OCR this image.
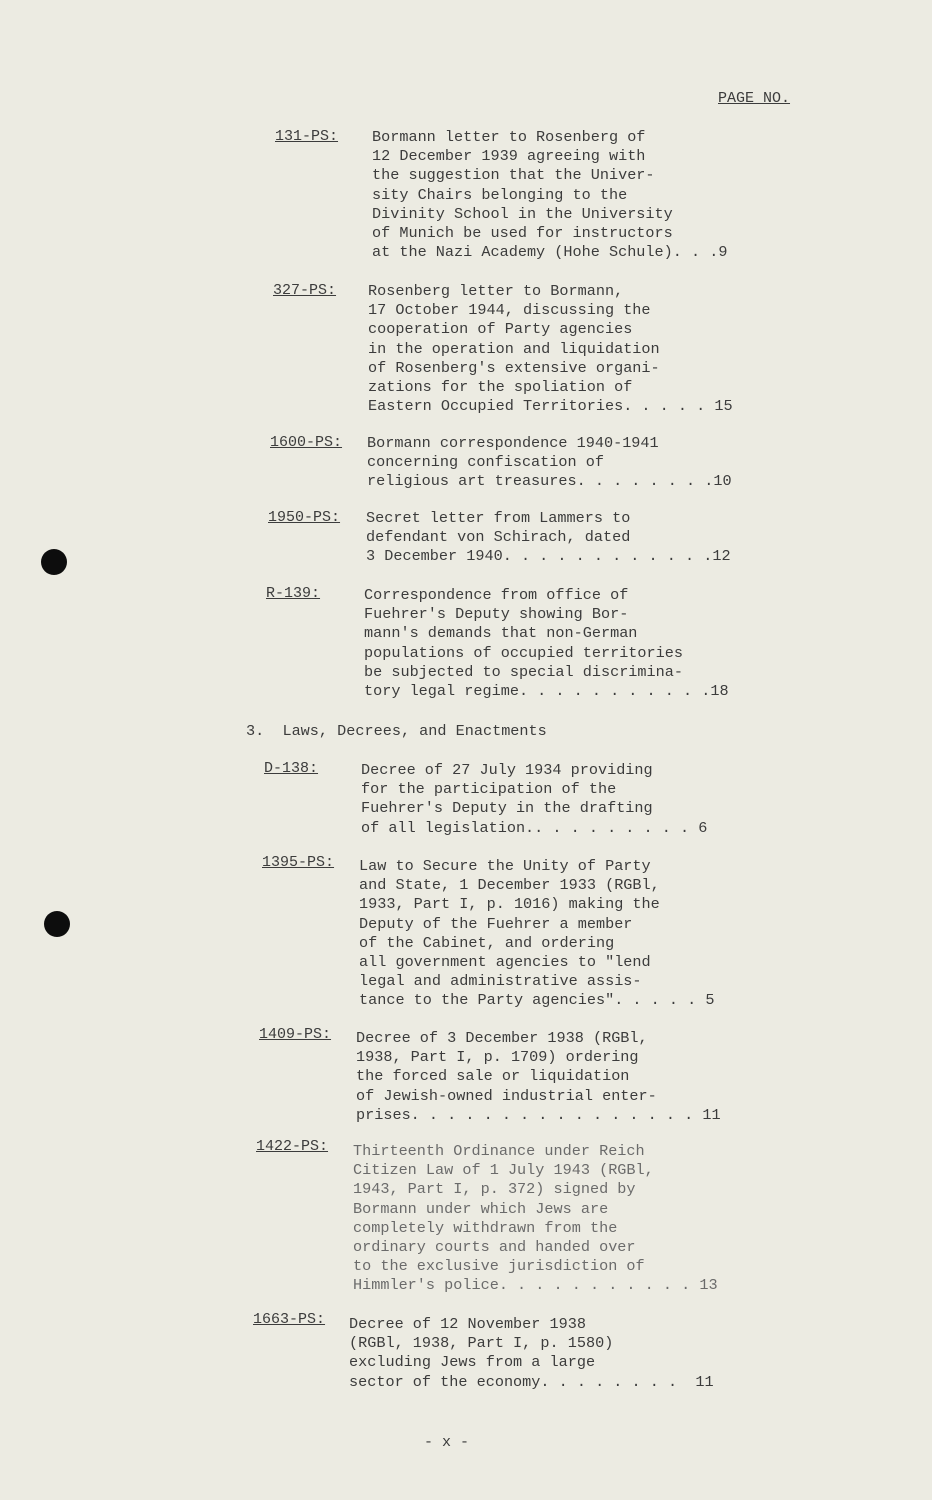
PAGE NO.
131-PS: Bormann letter to Rosenberg of
12 December 1939 agreeing with
the suggestion that the Univer-
sity Chairs belonging to the
Divinity School in the University
of Munich be used for instructors
at the Nazi Academy (Hohe Schule). . .9
327-PS: Rosenberg letter to Bormann,
17 October 1944, discussing the
cooperation of Party agencies
in the operation and liquidation
of Rosenberg's extensive organi-
zations for the spoliation of
Eastern Occupied Territories. . . . . 15
1600-PS: Bormann correspondence 1940-1941
concerning confiscation of
religious art treasures. . . . . . . .10
1950-PS: Secret letter from Lammers to
defendant von Schirach, dated
3 December 1940. . . . . . . . . . . .12
R-139:	Correspondence from office of
Fuehrer's Deputy showing Bor-
mann's demands that non-German
populations of occupied territories
be subjected to special discrimina-
tory legal regime. . . . . . . . . . .18
3.  Laws, Decrees, and Enactments
D-138:	Decree of 27 July 1934 providing
for the participation of the
Fuehrer's Deputy in the drafting
of all legislation.. . . . . . . . . 6
1395-PS: Law to Secure the Unity of Party
and State, 1 December 1933 (RGBl,
1933, Part I, p. 1016) making the
Deputy of the Fuehrer a member
of the Cabinet, and ordering
all government agencies to "lend
legal and administrative assis-
tance to the Party agencies". . . . . 5
1409-PS: Decree of 3 December 1938 (RGBl,
1938, Part I, p. 1709) ordering
the forced sale or liquidation
of Jewish-owned industrial enter-
prises. . . . . . . . . . . . . . . . 11
1422-PS: Thirteenth Ordinance under Reich
Citizen Law of 1 July 1943 (RGBl,
1943, Part I, p. 372) signed by
Bormann under which Jews are
completely withdrawn from the
ordinary courts and handed over
to the exclusive jurisdiction of
Himmler's police. . . . . . . . . . . 13
1663-PS: Decree of 12 November 1938
(RGBl, 1938, Part I, p. 1580)
excluding Jews from a large
sector of the economy. . . . . . . .  11
- x -
